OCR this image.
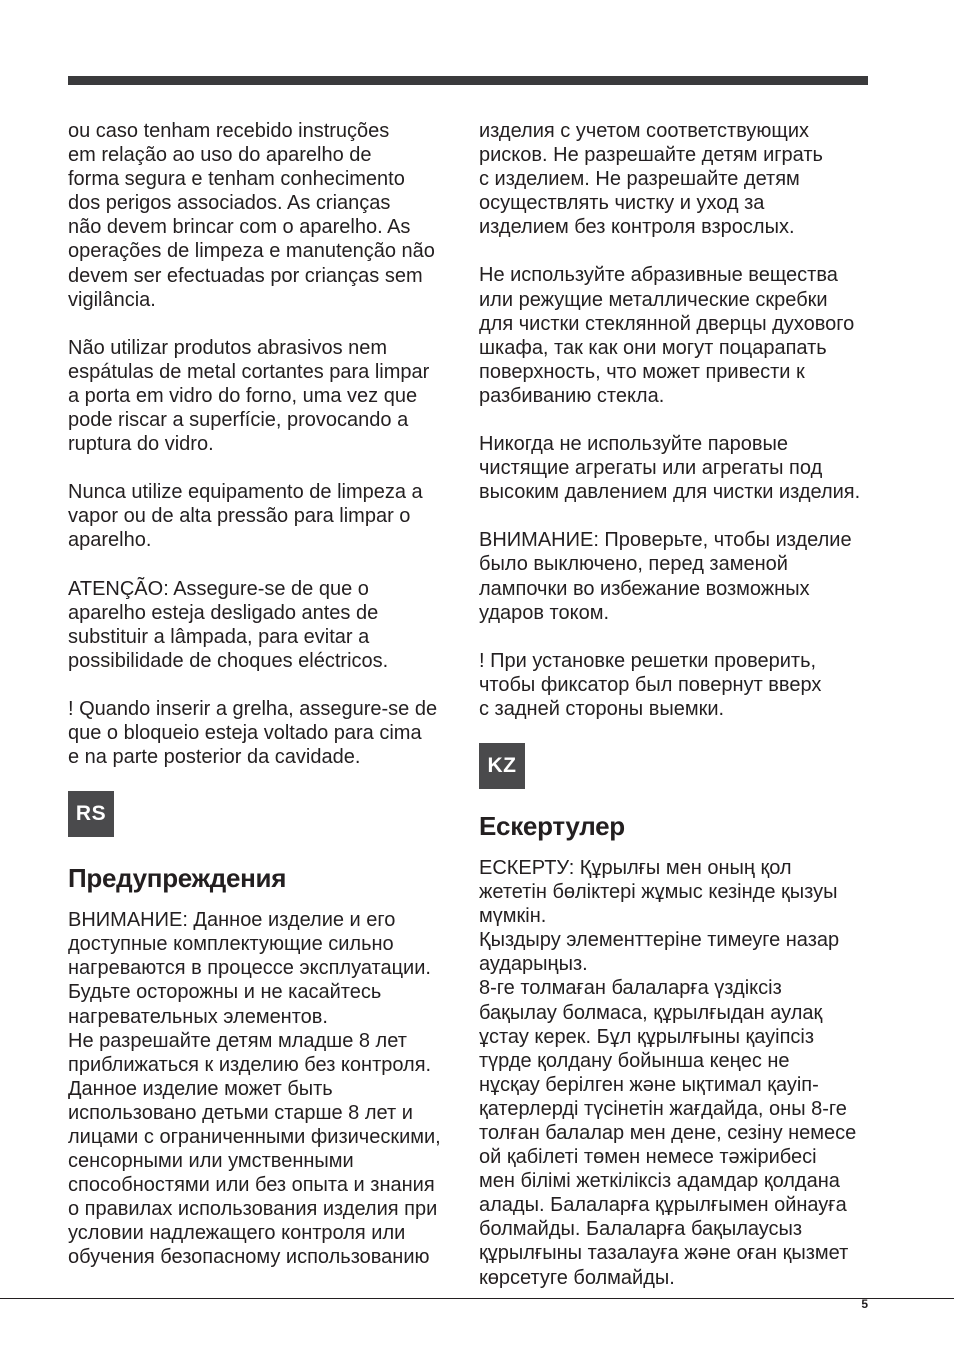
ou caso tenham recebido instruções
em relação ao uso do aparelho de
forma segura e tenham conhecimento
dos perigos associados. As crianças
não devem brincar com o aparelho. As
operações de limpeza e manutenção não
devem ser efectuadas por crianças sem
vigilância.

Não utilizar produtos abrasivos nem
espátulas de metal cortantes para limpar
a porta em vidro do forno, uma vez que
pode riscar a superfície, provocando a
ruptura do vidro.

Nunca utilize equipamento de limpeza a
vapor ou de alta pressão para limpar o
aparelho.

ATENÇÃO: Assegure-se de que o
aparelho esteja desligado antes de
substituir a lâmpada, para evitar a
possibilidade de choques eléctricos.

! Quando inserir a grelha, assegure-se de
que o bloqueio esteja voltado para cima
e na parte posterior da cavidade.

RS
Предупреждения

ВНИМАНИЕ: Данное изделие и его
доступные комплектующие сильно
нагреваются в процессе эксплуатации.
Будьте осторожны и не касайтесь
нагревательных элементов.
Не разрешайте детям младше 8 лет
приближаться к изделию без контроля.
Данное изделие может быть
использовано детьми старше 8 лет и
лицами с ограниченными физическими,
сенсорными или умственными
способностями или без опыта и знания
о правилах использования изделия при
условии надлежащего контроля или
обучения безопасному использованию

изделия с учетом соответствующих
рисков. Не разрешайте детям играть
с изделием. Не разрешайте детям
осуществлять чистку и уход за
изделием без контроля взрослых.

Не используйте абразивные вещества
или режущие металлические скребки
для чистки стеклянной дверцы духового
шкафа, так как они могут поцарапать
поверхность, что может привести к
разбиванию стекла.

Никогда не используйте паровые
чистящие агрегаты или агрегаты под
высоким давлением для чистки изделия.

ВНИМАНИЕ: Проверьте, чтобы изделие
было выключено, перед заменой
лампочки во избежание возможных
ударов током.

! При установке решетки проверить,
чтобы фиксатор был повернут вверх
с задней стороны выемки.

KZ
Ескертулер

ЕСКЕРТУ: Құрылғы мен оның қол
жететін бөліктері жұмыс кезінде қызуы
мүмкін.
Қыздыру элементтеріне тимеуге назар
аударыңыз.
8-ге толмаған балаларға үздіксіз
бақылау болмаса, құрылғыдан аулақ
ұстау керек. Бұл құрылғыны қауіпсіз
түрде қолдану бойынша кеңес не
нұсқау берілген және ықтимал қауіп-
қатерлерді түсінетін жағдайда, оны 8-ге
толған балалар мен дене, сезіну немесе
ой қабілеті төмен немесе тәжірибесі
мен білімі жеткіліксіз адамдар қолдана
алады. Балаларға құрылғымен ойнауға
болмайды. Балаларға бақылаусыз
құрылғыны тазалауға және оған қызмет
көрсетуге болмайды.

5
